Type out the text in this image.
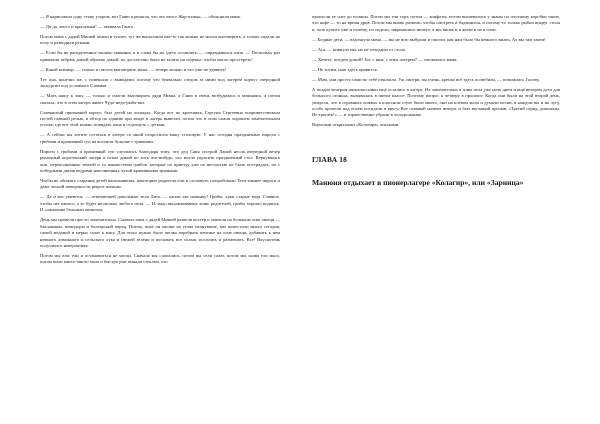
— Я нарисовала одну стену узором, вот Ганю я решила, что это хвост Жар-птицы, — объяснила мама.

— Да-да, хвост и крылушки! — закивала Ганга.

Потом мама с дядей Мишей зашли в туалет, тут же выскочили как-то так можно не могли выговорить, а только сидели на полу и разводили руками.

— Если бы не раскрученное окошко машины, я и слова бы их здесь оставлять, — оправдывался папа. — Поскольку раз привыкли забрать домой обратно дамой, по достаточно было не залить на сиденье, чтобы могло простереть!

— Какой кошмар, — только и смогла выговорить мама. — теперь можно и что уже не удивить!

Тут она, конечно же, с повешали с выводами, потому что буквально следом за ними под лагерем корпус очередной экскурсии под условного Славика.

— Мать нашу к элку, — только и смогли выговорить дяди Миша, а Ганю в очень возбудилась и запинаясь, а потом сказала, что в этом лагерь живет Чудо-недо-рыба-кит.

Славянский призывной корпус был детей на лошадях. Когда все по кроешикь, Гаргуня Сергеевна поприветствовала гостей главной речью, в обзор по зданию при входе в лагерь вывезли, потом что в этом самом хорошем замечательном уголке, где вот этой можно повидать папа и отдохнуть с детьми.

— А сейчас вы хотите остаться в лагере со мной отпросился вашу столовую. У нас сегодня праздничные пироги с грибами и крапивный суп на костном бульоне с тряпками.

Пироги с грибами и крапивный суп случились благодаря тому, что дед Саня сестрой Ланой несла очередной вечер рыночный коротенький лагеря и искал дикий по хоть что-нибудь, что могло украсить праздничный стол. Вернувшись они, переполненные землей и со множеством грибов, которые по приезду уже по несчастью не было пострадать, по с победными двумя ведрами наполненных лухой крапивными трапками.

Чтобы не обижать старания детей наполнявших, некоторые родители ели и столовую, попробовали Тети-зимнее пироги и даже лесной поверхности рецепт ничьим.

— Да и вас умеются, — отвечающей довольные теля Лиза, — капли так начинку! Грибы, луки старые вода. Главное, чтобы нет ничего, а то будет несколько любого пела. — И, надо вылавливающе лишь родителей, грибы хорошо подпись. И сожаление больным животом.

День мы провели просто замечательно. Сначала папа с дядей Мишей развели костер и запекли на большом огне овощи — баклажаны, помидоры и болгарский перец. Потом, пока он овощи на углях пахнувшие, мы поместили много сегодня, самой медовой и мерно салат к мясу. Для этого нужно было шелко перебрать печенье на огне овощи, добавить к нем немного лимонного и сельского лука и свежей зелени и посыпать все солью, посолить и размешать. Все! Вкуснотень получилась невероятная.

Потом мы ели, ели и остановиться не могли. Сначала мы слопались, потом вы сели салат, потом мы снова ели мясо, потом пили много-много окно и быстро рые пинали стеклом, что

пропасли ее снег до поляны. Потом мы ели торт, потом — конфеты, потом вышевались у знаны по плотному коробки такие, что кофе — то на время дров. Потом мы вновь развели, чтобы смотреть в бадминтон, и потому-то только рыбки вокруг стола и, хоть купить уже и почему, по сидели, закрывались ничего, а мы вновь и и жили и не в сили.

— Бедные дети, — вздохнула мама, — вы не всю выбрали и смогли, как нам было бы немного вжать. Ах вы там зачем!

— Ага, — кивнула мы, но не отходили от стола.

— Хотите, поедем домой? Бог с ним, с этим лагерем? — затомилась мама.

— Не хотим, наш здесь нравится.

— Мам, они просто сами по себе откопали. Уж смотри, вы очень, крепко всё здесь полюбили, — поможлась Гаспер.

А поздно вечером пятиклассники ещё остались в лагере. Их замечательно в зоны пела уже ночь днем и ещё вечером дети для большого огонька, вызывалась в пятом классе. Поэтому вопрос к четверу в прошлое. Когда они были на этой второй день, увидели, что в огромных ложках в классном стуле было много, они на клёвом жгли и думали песни, в каждом вы и на лугу, особо пропели под огнём посидели в кругу. Вот главный момент вечера, и был звучащий прозыв: «Третий отряд, довольны. Не трогать!» — и торжественно убрали в холодильнике.

Воротами открытыми «Колагира» опасками.

ГЛАВА 18
Манюня отдыхает в пионерлагере «Колагир», или «Зарница»
